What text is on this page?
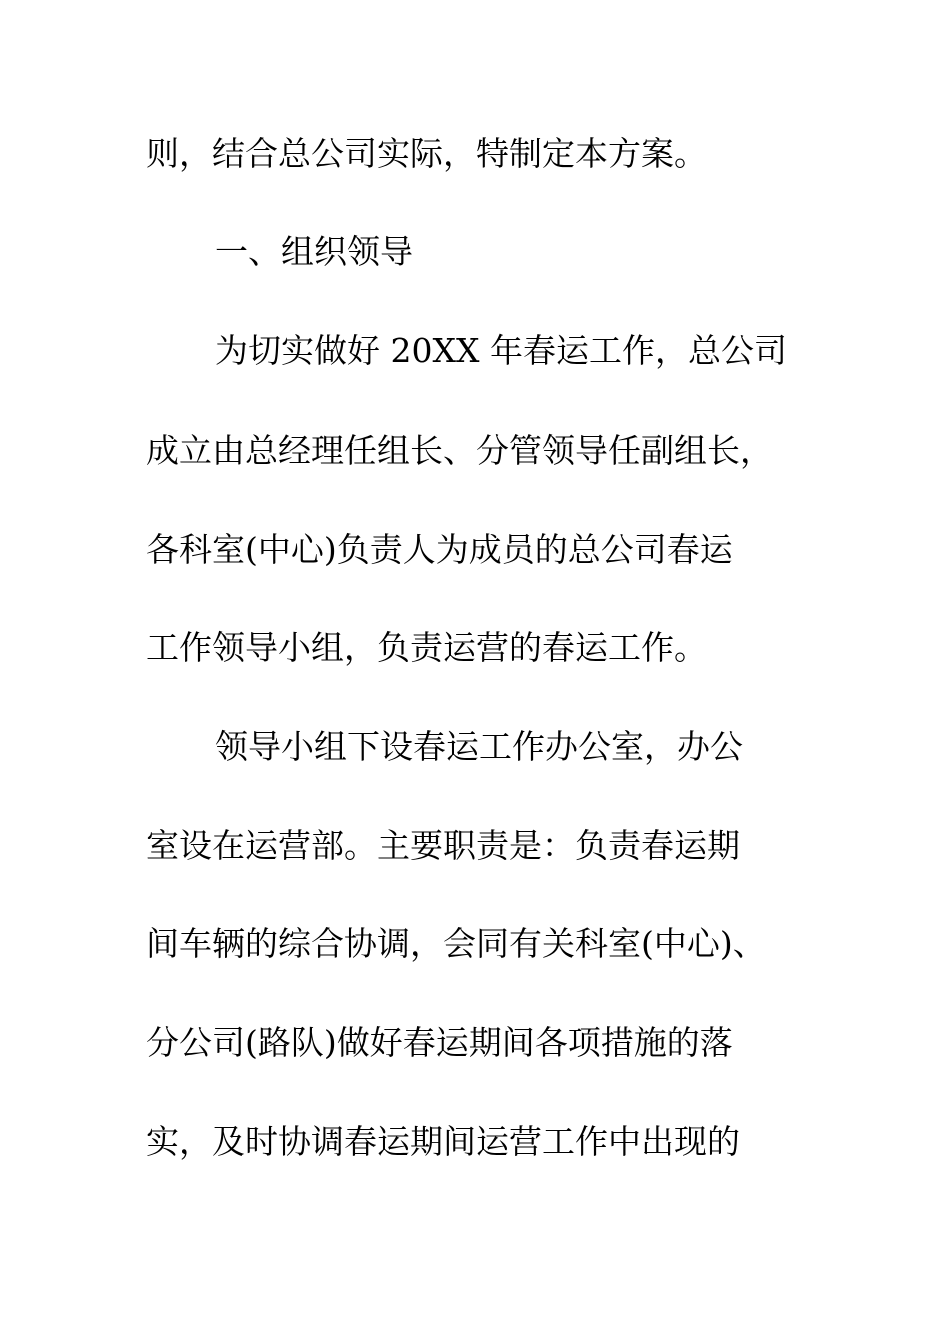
则，结合总公司实际，特制定本方案。
一、组织领导
为切实做好 20XX 年春运工作，总公司
成立由总经理任组长、分管领导任副组长，
各科室(中心)负责人为成员的总公司春运
工作领导小组，负责运营的春运工作。
领导小组下设春运工作办公室，办公
室设在运营部。主要职责是：负责春运期
间车辆的综合协调，会同有关科室(中心)、
分公司(路队)做好春运期间各项措施的落
实，及时协调春运期间运营工作中出现的
